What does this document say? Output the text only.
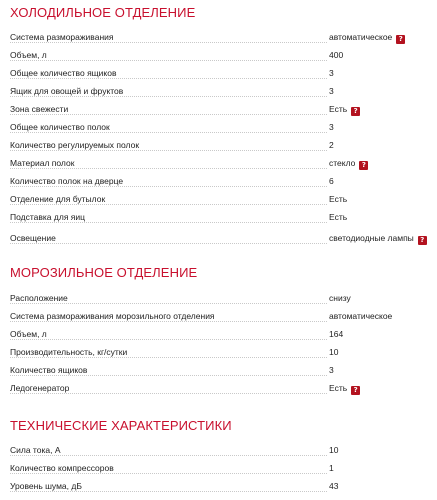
ХОЛОДИЛЬНОЕ ОТДЕЛЕНИЕ
Система размораживания	автоматическое ?
Объем, л	400
Общее количество ящиков	3
Ящик для овощей и фруктов	3
Зона свежести	Есть ?
Общее количество полок	3
Количество регулируемых полок	2
Материал полок	стекло ?
Количество полок на дверце	6
Отделение для бутылок	Есть
Подставка для яиц	Есть
Освещение	светодиодные лампы ?
МОРОЗИЛЬНОЕ ОТДЕЛЕНИЕ
Расположение	снизу
Система размораживания морозильного отделения	автоматическое
Объем, л	164
Производительность, кг/сутки	10
Количество ящиков	3
Ледогенератор	Есть ?
ТЕХНИЧЕСКИЕ ХАРАКТЕРИСТИКИ
Сила тока, А	10
Количество компрессоров	1
Уровень шума, дБ	43
